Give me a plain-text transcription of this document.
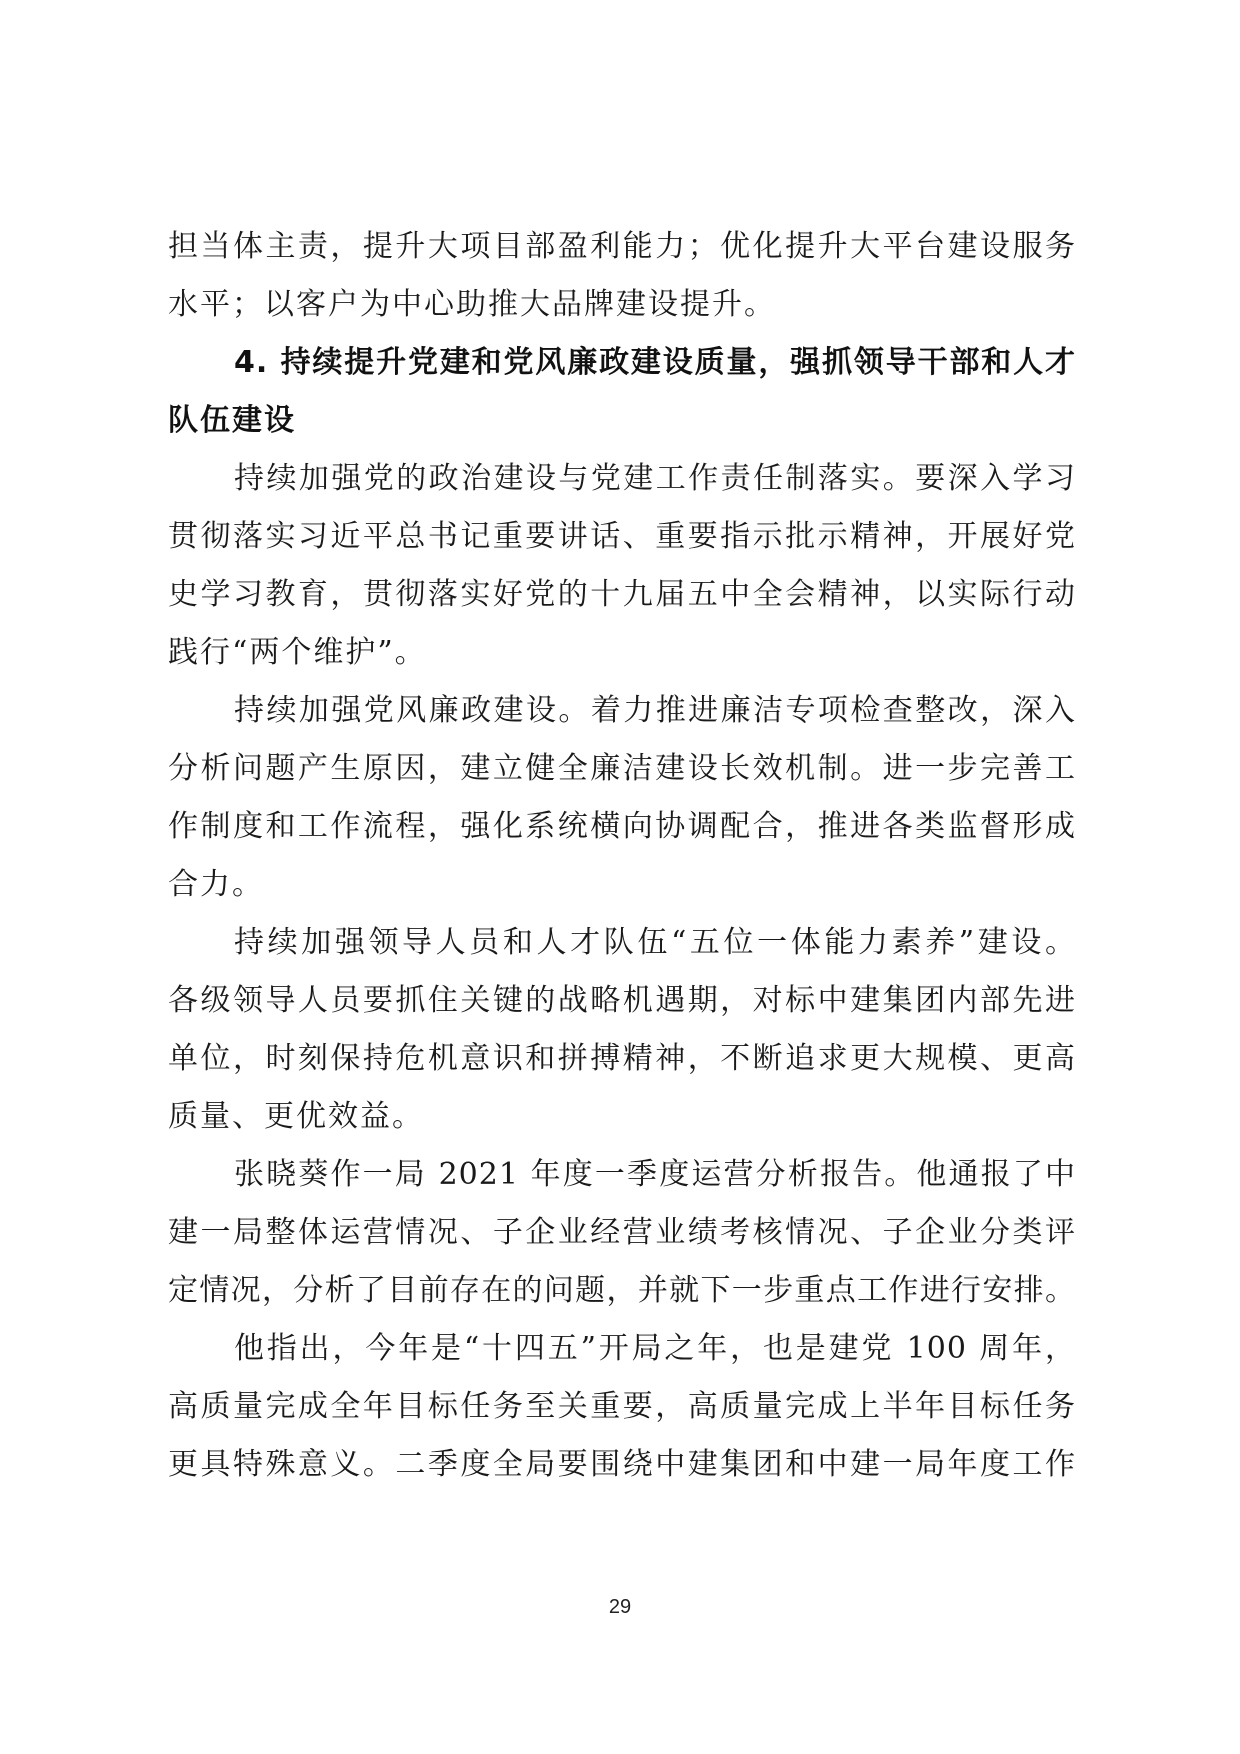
担当体主责，提升大项目部盈利能力；优化提升大平台建设服务
水平；以客户为中心助推大品牌建设提升。
4. 持续提升党建和党风廉政建设质量，强抓领导干部和人才
队伍建设
持续加强党的政治建设与党建工作责任制落实。要深入学习
贯彻落实习近平总书记重要讲话、重要指示批示精神，开展好党
史学习教育，贯彻落实好党的十九届五中全会精神，以实际行动
践行“两个维护”。
持续加强党风廉政建设。着力推进廉洁专项检查整改，深入
分析问题产生原因，建立健全廉洁建设长效机制。进一步完善工
作制度和工作流程，强化系统横向协调配合，推进各类监督形成
合力。
持续加强领导人员和人才队伍“五位一体能力素养”建设。
各级领导人员要抓住关键的战略机遇期，对标中建集团内部先进
单位，时刻保持危机意识和拼搏精神，不断追求更大规模、更高
质量、更优效益。
张晓葵作一局 2021 年度一季度运营分析报告。他通报了中
建一局整体运营情况、子企业经营业绩考核情况、子企业分类评
定情况，分析了目前存在的问题，并就下一步重点工作进行安排。
他指出，今年是“十四五”开局之年，也是建党 100 周年，
高质量完成全年目标任务至关重要，高质量完成上半年目标任务
更具特殊意义。二季度全局要围绕中建集团和中建一局年度工作
29
